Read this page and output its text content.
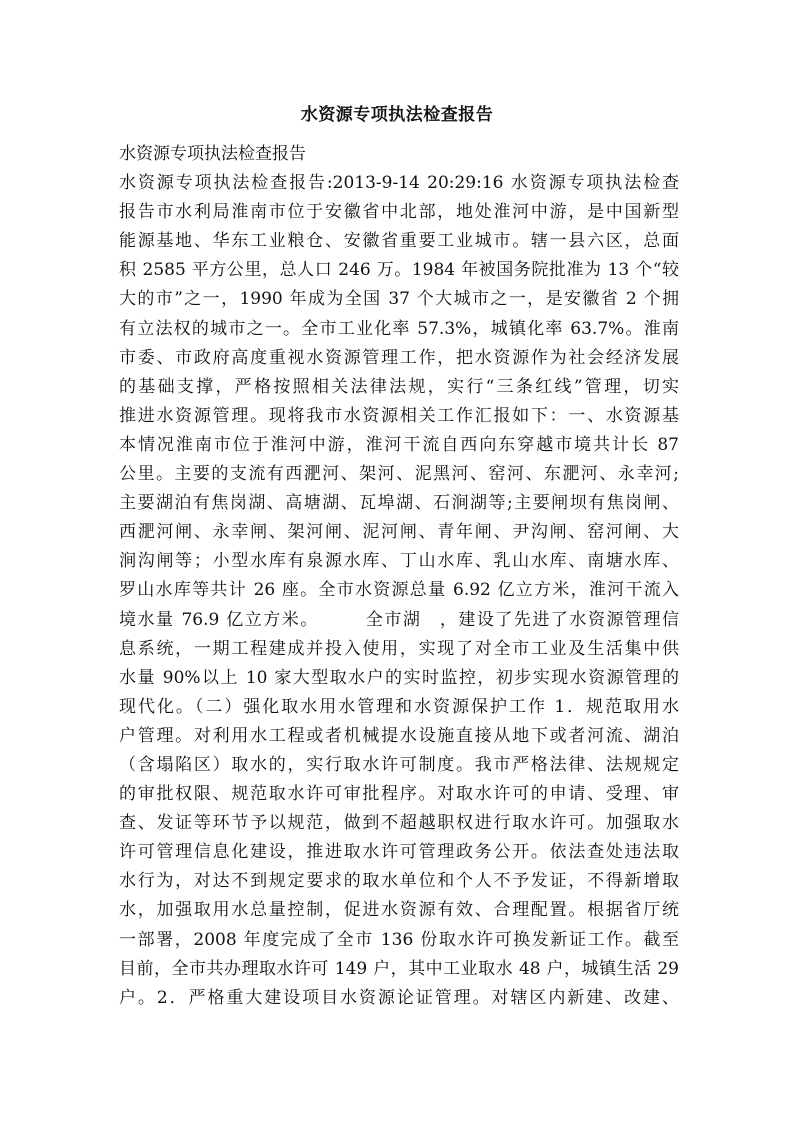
水资源专项执法检查报告
水资源专项执法检查报告
水资源专项执法检查报告:2013-9-14 20:29:16 水资源专项执法检查
报告市水利局淮南市位于安徽省中北部，地处淮河中游，是中国新型
能源基地、华东工业粮仓、安徽省重要工业城市。辖一县六区，总面
积 2585 平方公里，总人口 246 万。1984 年被国务院批准为 13 个“较
大的市”之一，1990 年成为全国 37 个大城市之一，是安徽省 2 个拥
有立法权的城市之一。全市工业化率 57.3%，城镇化率 63.7%。淮南
市委、市政府高度重视水资源管理工作，把水资源作为社会经济发展
的基础支撑，严格按照相关法律法规，实行“三条红线”管理，切实
推进水资源管理。现将我市水资源相关工作汇报如下：一、水资源基
本情况淮南市位于淮河中游，淮河干流自西向东穿越市境共计长 87
公里。主要的支流有西淝河、架河、泥黑河、窑河、东淝河、永幸河;
主要湖泊有焦岗湖、高塘湖、瓦埠湖、石涧湖等;主要闸坝有焦岗闸、
西淝河闸、永幸闸、架河闸、泥河闸、青年闸、尹沟闸、窑河闸、大
涧沟闸等；小型水库有泉源水库、丁山水库、乳山水库、南塘水库、
罗山水库等共计 26 座。全市水资源总量 6.92 亿立方米，淮河干流入
境水量 76.9 亿立方米。　　　全市湖　，建设了先进了水资源管理信
息系统，一期工程建成并投入使用，实现了对全市工业及生活集中供
水量 90%以上 10 家大型取水户的实时监控，初步实现水资源管理的
现代化。（二）强化取水用水管理和水资源保护工作 1．规范取用水
户管理。对利用水工程或者机械提水设施直接从地下或者河流、湖泊
（含塌陷区）取水的，实行取水许可制度。我市严格法律、法规规定
的审批权限、规范取水许可审批程序。对取水许可的申请、受理、审
查、发证等环节予以规范，做到不超越职权进行取水许可。加强取水
许可管理信息化建设，推进取水许可管理政务公开。依法查处违法取
水行为，对达不到规定要求的取水单位和个人不予发证，不得新增取
水，加强取用水总量控制，促进水资源有效、合理配置。根据省厅统
一部署，2008 年度完成了全市 136 份取水许可换发新证工作。截至
目前，全市共办理取水许可 149 户，其中工业取水 48 户，城镇生活 29
户。2．严格重大建设项目水资源论证管理。对辖区内新建、改建、
